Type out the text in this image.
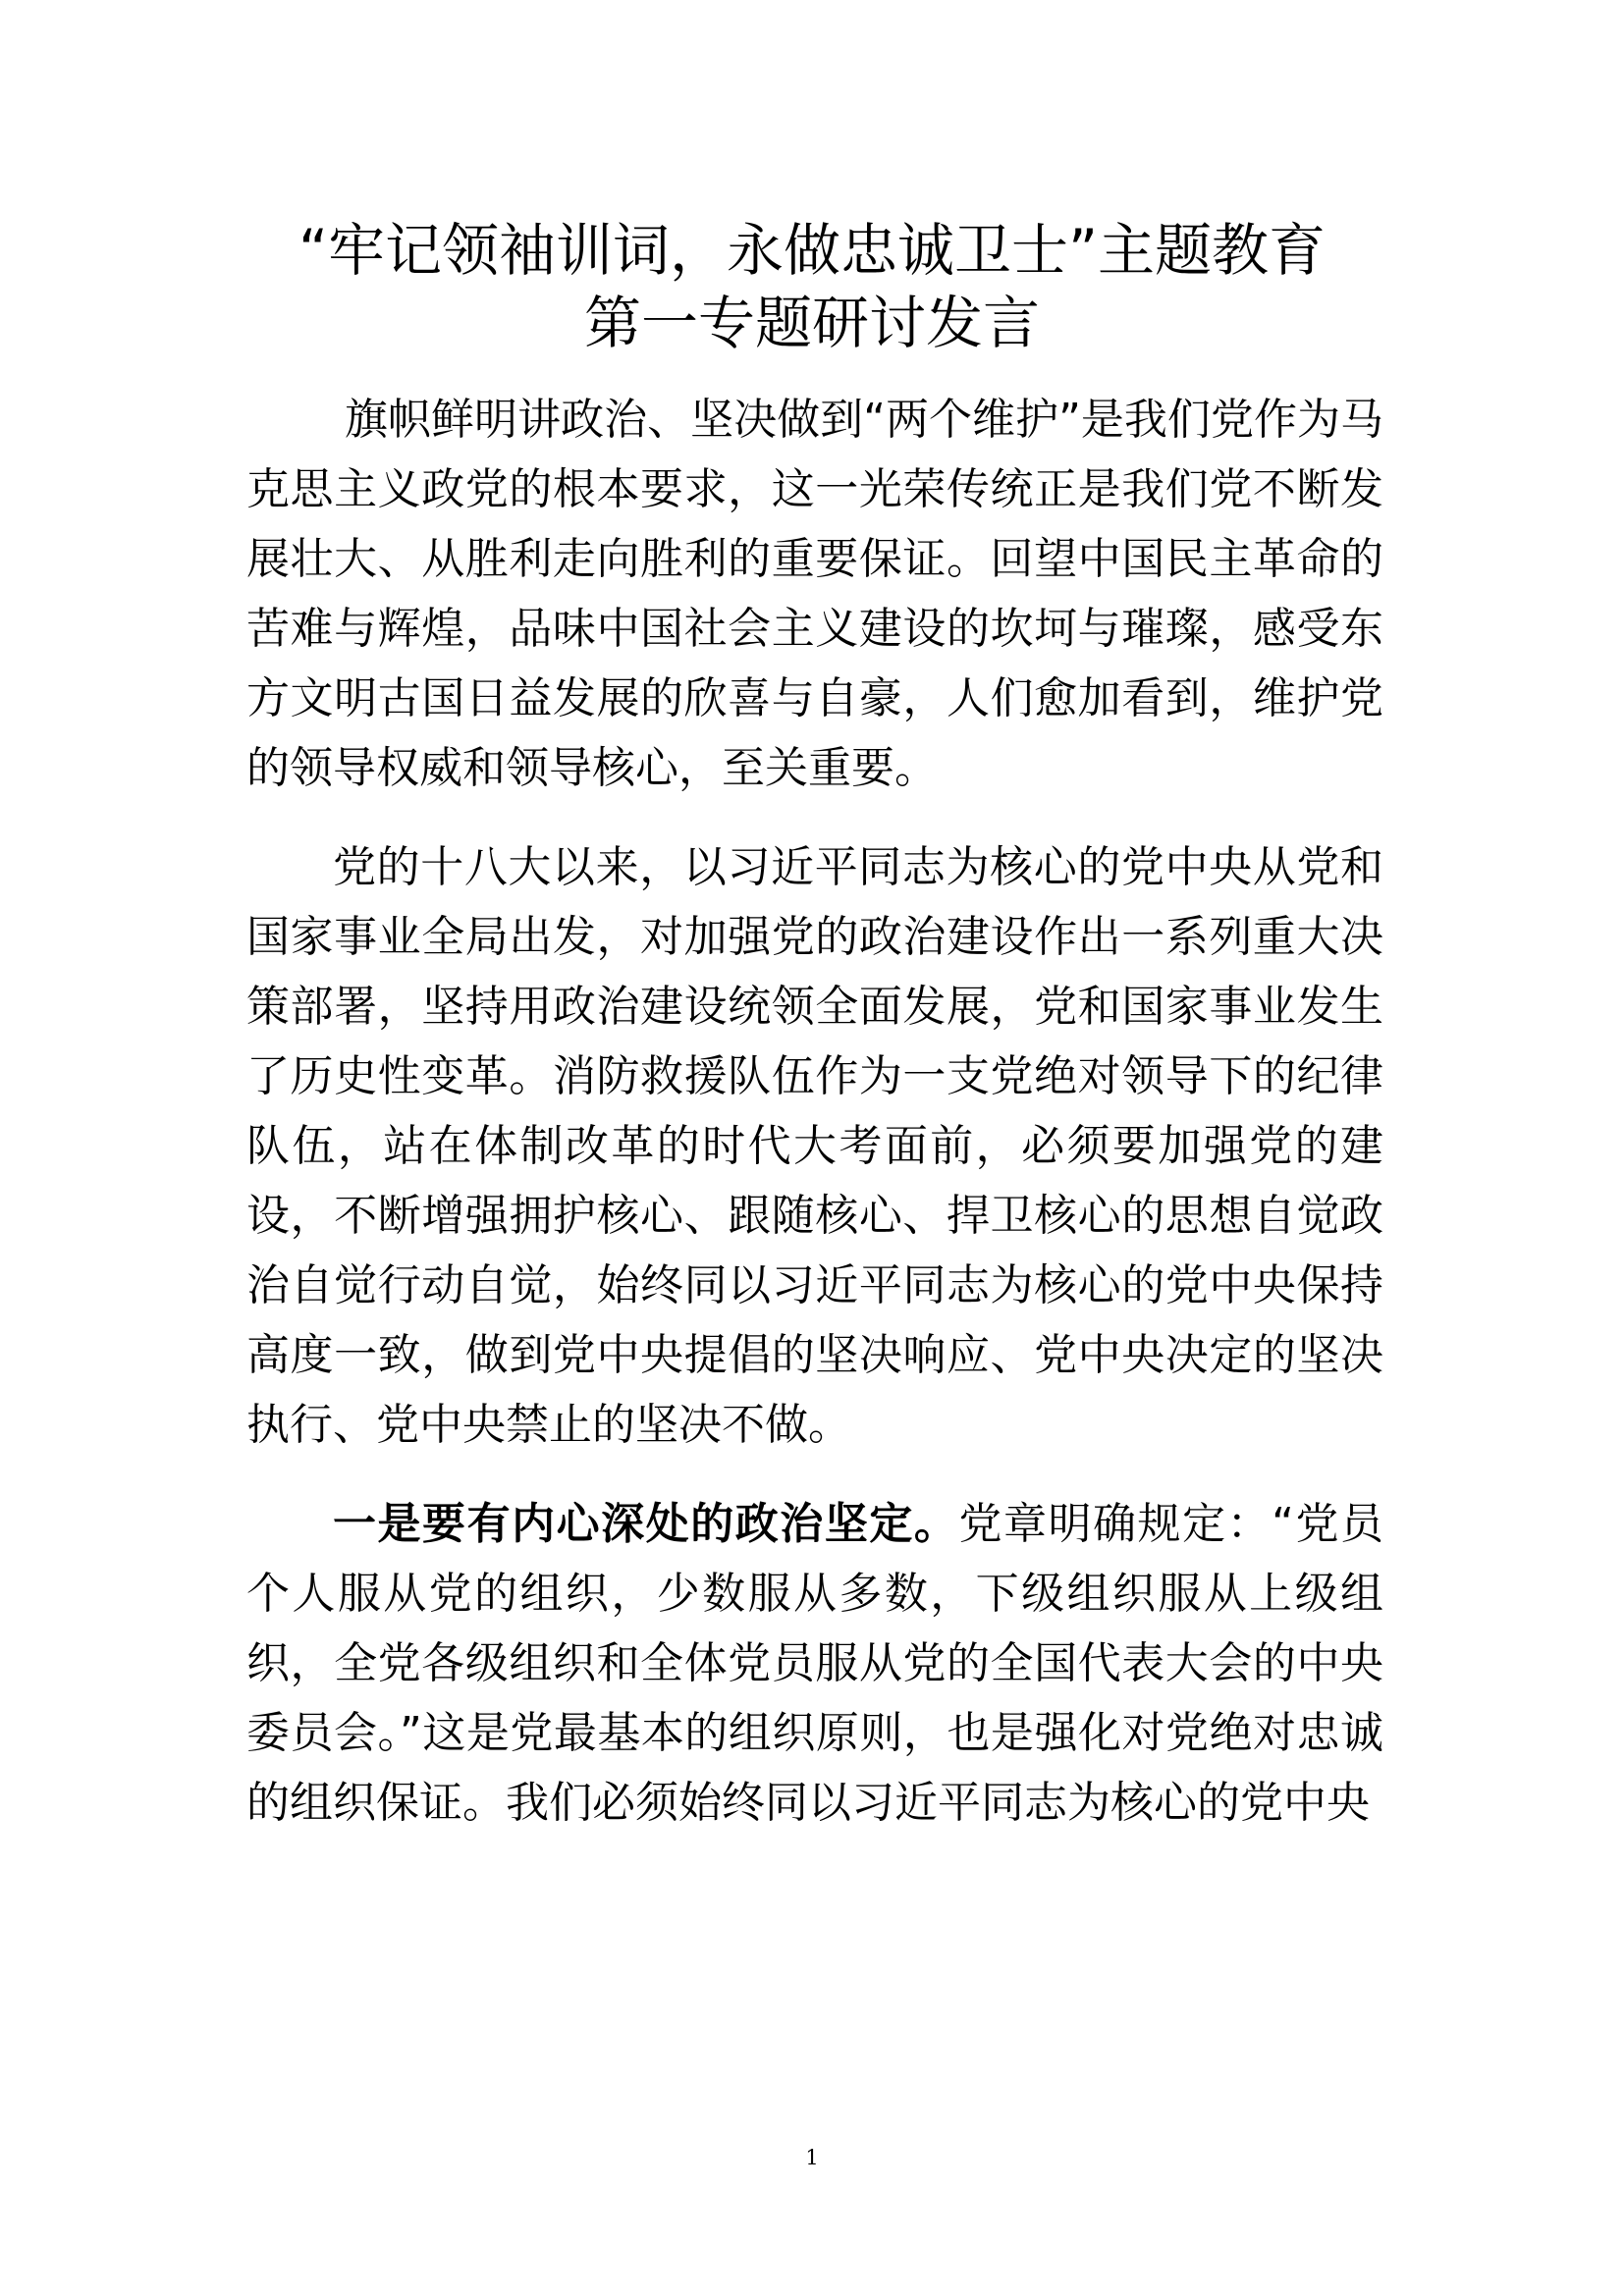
“牢记领袖训词，永做忠诚卫士”主题教育
第一专题研讨发言

旗帜鲜明讲政治、坚决做到“两个维护”是我们党作为马克思主义政党的根本要求，这一光荣传统正是我们党不断发展壮大、从胜利走向胜利的重要保证。回望中国民主革命的苦难与辉煌，品味中国社会主义建设的坎坷与璀璨，感受东方文明古国日益发展的欣喜与自豪，人们愈加看到，维护党的领导权威和领导核心，至关重要。

党的十八大以来，以习近平同志为核心的党中央从党和国家事业全局出发，对加强党的政治建设作出一系列重大决策部署，坚持用政治建设统领全面发展，党和国家事业发生了历史性变革。消防救援队伍作为一支党绝对领导下的纪律队伍，站在体制改革的时代大考面前，必须要加强党的建设，不断增强拥护核心、跟随核心、捍卫核心的思想自觉政治自觉行动自觉，始终同以习近平同志为核心的党中央保持高度一致，做到党中央提倡的坚决响应、党中央决定的坚决执行、党中央禁止的坚决不做。

一是要有内心深处的政治坚定。党章明确规定：“党员个人服从党的组织，少数服从多数，下级组织服从上级组织，全党各级组织和全体党员服从党的全国代表大会的中央委员会。”这是党最基本的组织原则，也是强化对党绝对忠诚的组织保证。我们必须始终同以习近平同志为核心的党中央

1
